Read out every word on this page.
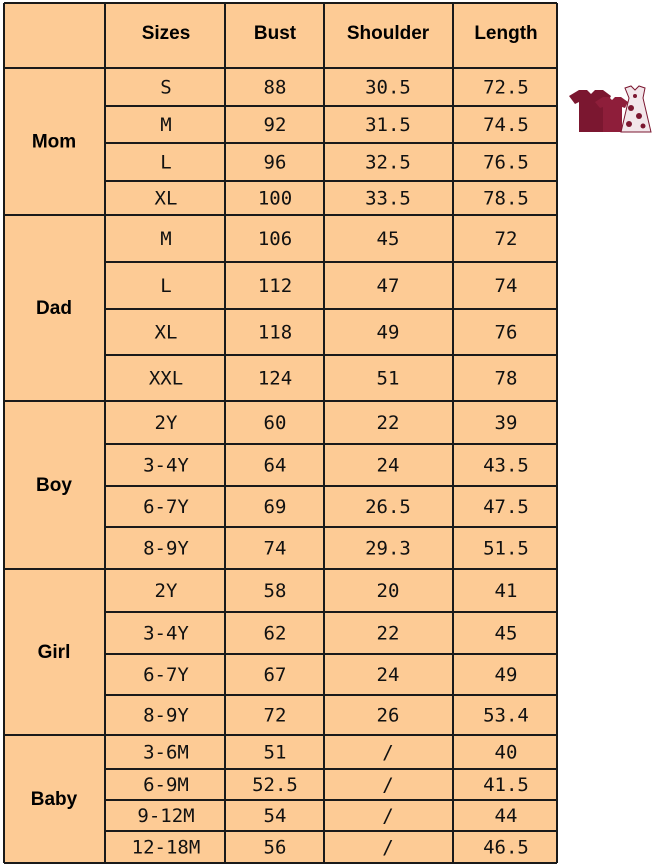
Sizes	Bust	Shoulder Length
Mom
S	88	30.5	72.5
M	92	31.5	74.5
L	96	32.5	76.5
XL	100	33.5	78.5
Dad
M	106	45	72
L	112	47	74
XL	118	49	76
XXL	124	51	78
Boy
2Y	60	22	39
3-4Y	64	24	43.5
6-7Y	69	26.5	47.5
8-9Y	74	29.3	51.5
Girl
2Y	58	20	41
3-4Y	62	22	45
6-7Y	67	24	49
8-9Y	72	26	53.4
Baby
3-6M	51	/	40
6-9M	52.5	/	41.5
9-12M	54	/	44
12-18M	56	/	46.5
